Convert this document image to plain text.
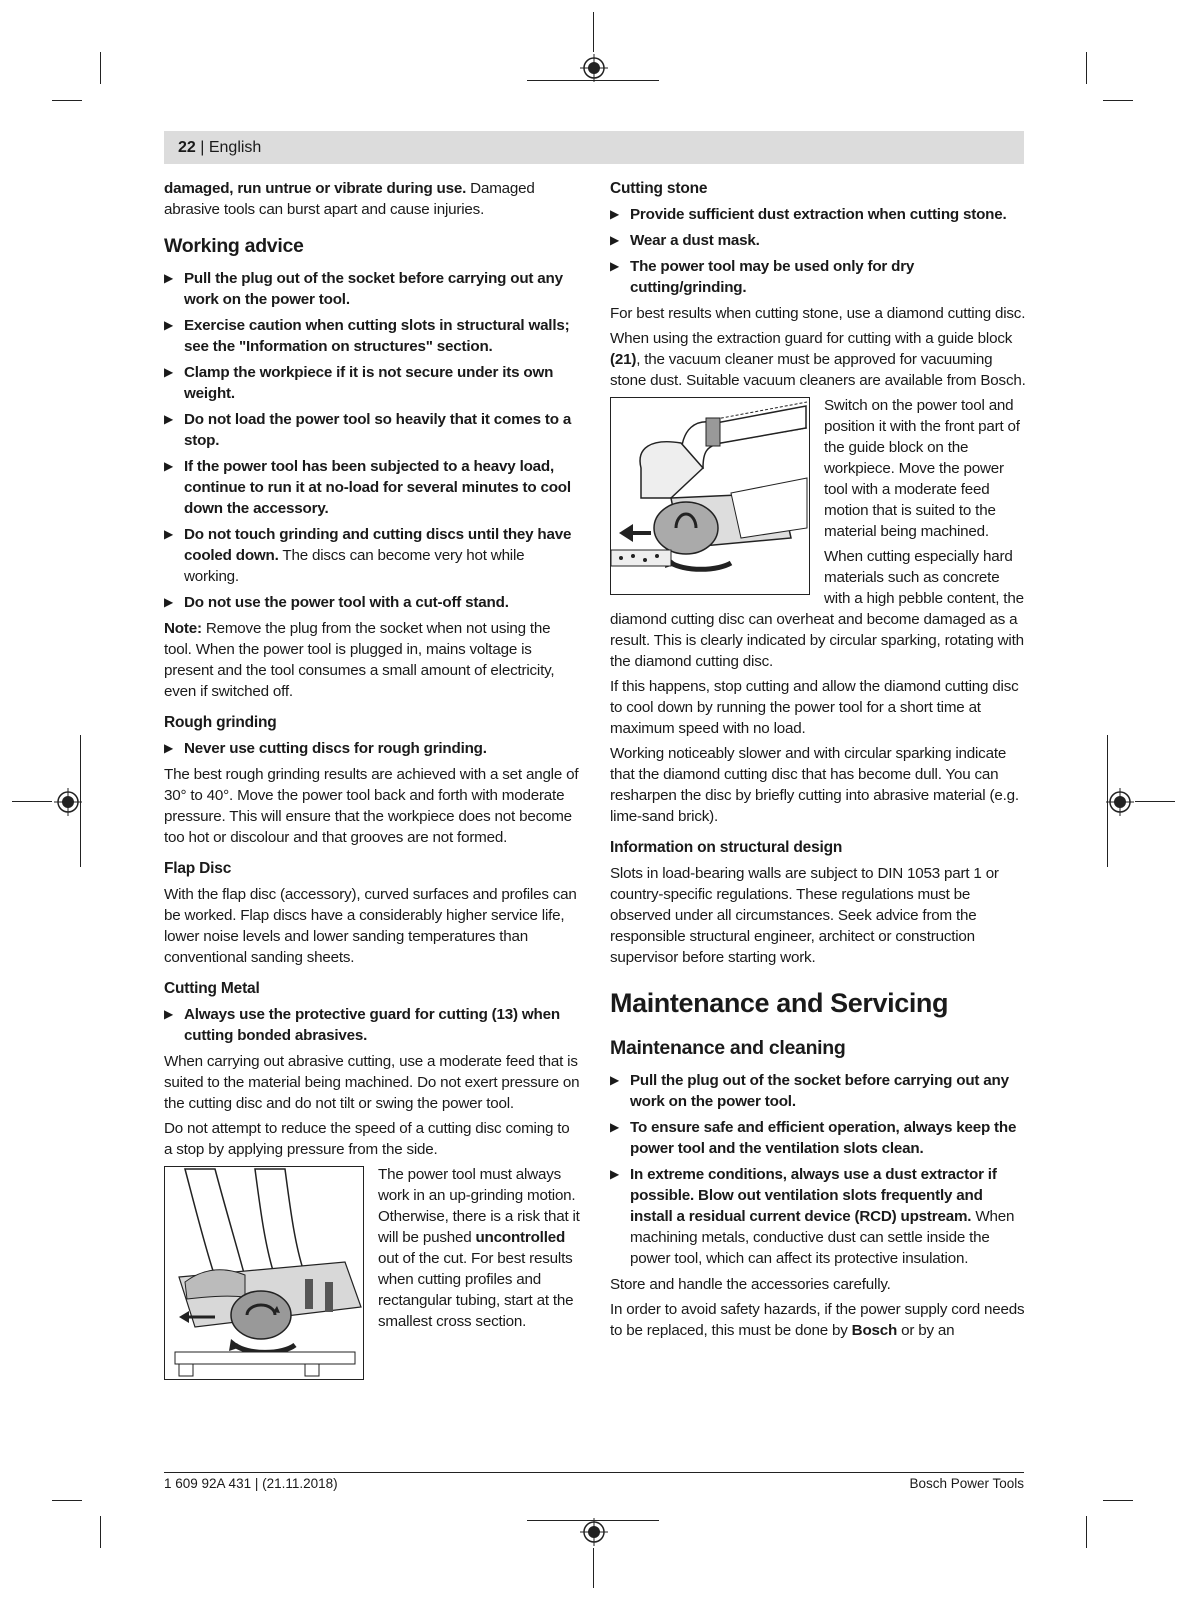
22 | English

damaged, run untrue or vibrate during use. Damaged abrasive tools can burst apart and cause injuries.

Working advice
▶ Pull the plug out of the socket before carrying out any work on the power tool.
▶ Exercise caution when cutting slots in structural walls; see the "Information on structures" section.
▶ Clamp the workpiece if it is not secure under its own weight.
▶ Do not load the power tool so heavily that it comes to a stop.
▶ If the power tool has been subjected to a heavy load, continue to run it at no-load for several minutes to cool down the accessory.
▶ Do not touch grinding and cutting discs until they have cooled down. The discs can become very hot while working.
▶ Do not use the power tool with a cut-off stand.

Note: Remove the plug from the socket when not using the tool. When the power tool is plugged in, mains voltage is present and the tool consumes a small amount of electricity, even if switched off.

Rough grinding
▶ Never use cutting discs for rough grinding.

The best rough grinding results are achieved with a set angle of 30° to 40°. Move the power tool back and forth with moderate pressure. This will ensure that the workpiece does not become too hot or discolour and that grooves are not formed.

Flap Disc

With the flap disc (accessory), curved surfaces and profiles can be worked. Flap discs have a considerably higher service life, lower noise levels and lower sanding temperatures than conventional sanding sheets.

Cutting Metal
▶ Always use the protective guard for cutting (13) when cutting bonded abrasives.

When carrying out abrasive cutting, use a moderate feed that is suited to the material being machined. Do not exert pressure on the cutting disc and do not tilt or swing the power tool.

Do not attempt to reduce the speed of a cutting disc coming to a stop by applying pressure from the side.

The power tool must always work in an up-grinding motion. Otherwise, there is a risk that it will be pushed uncontrolled out of the cut. For best results when cutting profiles and rectangular tubing, start at the smallest cross section.

Cutting stone
▶ Provide sufficient dust extraction when cutting stone.
▶ Wear a dust mask.
▶ The power tool may be used only for dry cutting/grinding.

For best results when cutting stone, use a diamond cutting disc.

When using the extraction guard for cutting with a guide block (21), the vacuum cleaner must be approved for vacuuming stone dust. Suitable vacuum cleaners are available from Bosch.

Switch on the power tool and position it with the front part of the guide block on the workpiece. Move the power tool with a moderate feed motion that is suited to the material being machined.

When cutting especially hard materials such as concrete with a high pebble content, the diamond cutting disc can overheat and become damaged as a result. This is clearly indicated by circular sparking, rotating with the diamond cutting disc.

If this happens, stop cutting and allow the diamond cutting disc to cool down by running the power tool for a short time at maximum speed with no load.

Working noticeably slower and with circular sparking indicate that the diamond cutting disc that has become dull. You can resharpen the disc by briefly cutting into abrasive material (e.g. lime-sand brick).

Information on structural design

Slots in load-bearing walls are subject to DIN 1053 part 1 or country-specific regulations. These regulations must be observed under all circumstances. Seek advice from the responsible structural engineer, architect or construction supervisor before starting work.

Maintenance and Servicing
Maintenance and cleaning
▶ Pull the plug out of the socket before carrying out any work on the power tool.
▶ To ensure safe and efficient operation, always keep the power tool and the ventilation slots clean.
▶ In extreme conditions, always use a dust extractor if possible. Blow out ventilation slots frequently and install a residual current device (RCD) upstream. When machining metals, conductive dust can settle inside the power tool, which can affect its protective insulation.

Store and handle the accessories carefully.

In order to avoid safety hazards, if the power supply cord needs to be replaced, this must be done by Bosch or by an

1 609 92A 431 | (21.11.2018)	Bosch Power Tools
